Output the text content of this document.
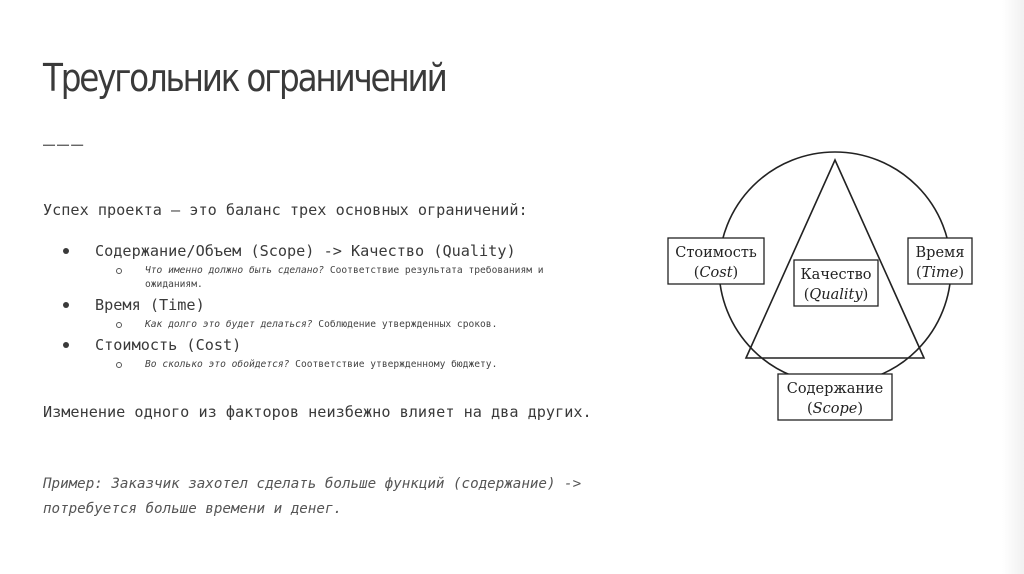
Треугольник ограничений
———
Успех проекта — это баланс трех основных ограничений:
Содержание/Объем (Scope) -> Качество (Quality)
Что именно должно быть сделано? Соответствие результата требованиям и ожиданиям.
Время (Time)
Как долго это будет делаться? Соблюдение утвержденных сроков.
Стоимость (Cost)
Во сколько это обойдется? Соответствие утвержденному бюджету.
Изменение одного из факторов неизбежно влияет на два других.
Пример: Заказчик захотел сделать больше функций (содержание) -> потребуется больше времени и денег.
Стоимость
(Cost)
Время
(Time)
Качество
(Quality)
Содержание
(Scope)
